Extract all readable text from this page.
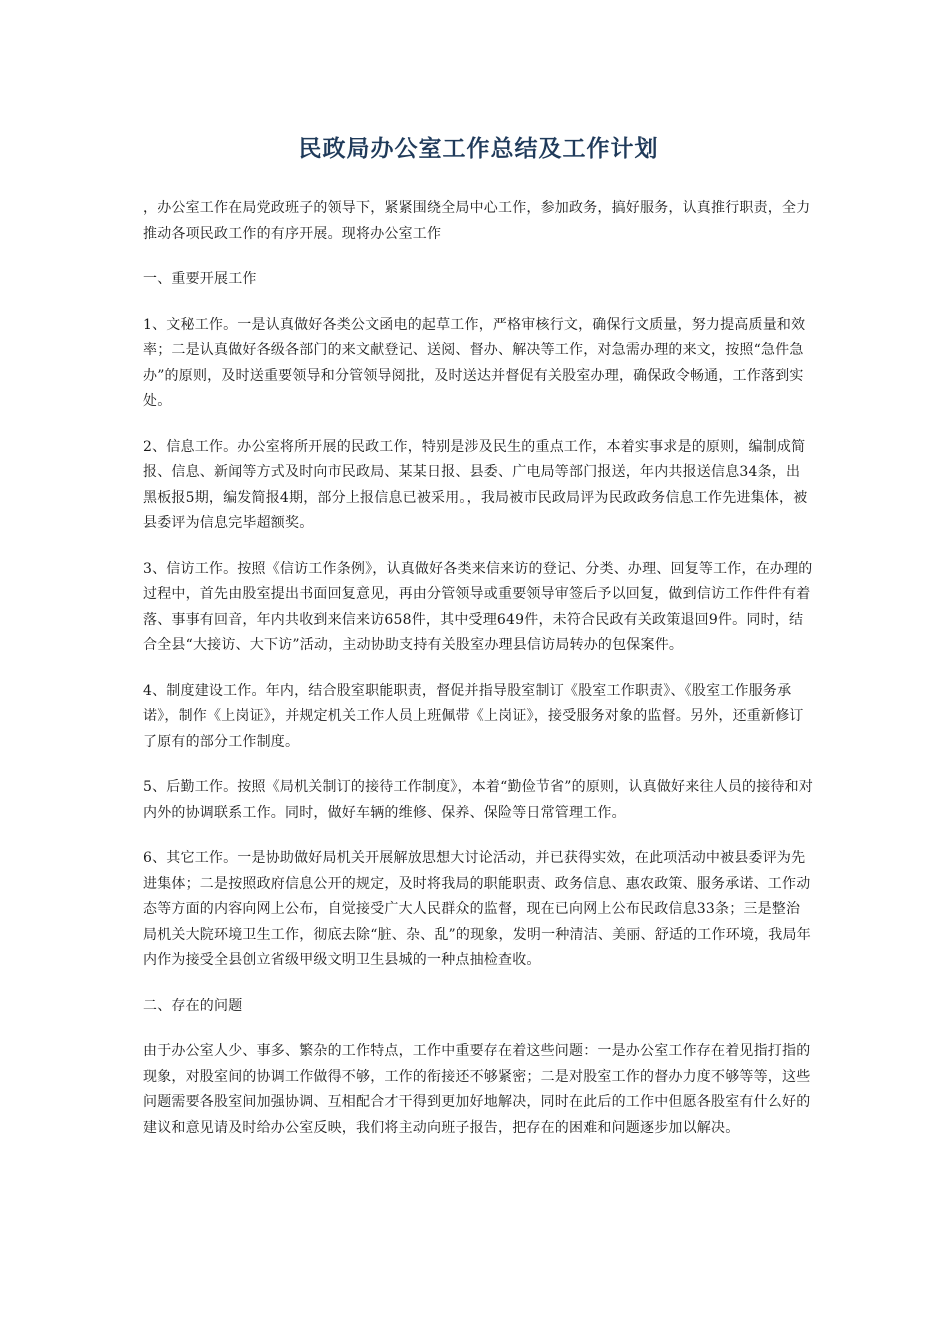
民政局办公室工作总结及工作计划

，办公室工作在局党政班子的领导下，紧紧围绕全局中心工作，参加政务，搞好服务，认真推行职责，全力推动各项民政工作的有序开展。现将办公室工作

一、重要开展工作

1、文秘工作。一是认真做好各类公文函电的起草工作，严格审核行文，确保行文质量，努力提高质量和效率；二是认真做好各级各部门的来文献登记、送阅、督办、解决等工作，对急需办理的来文，按照“急件急办”的原则，及时送重要领导和分管领导阅批，及时送达并督促有关股室办理，确保政令畅通，工作落到实处。

2、信息工作。办公室将所开展的民政工作，特别是涉及民生的重点工作，本着实事求是的原则，编制成简报、信息、新闻等方式及时向市民政局、某某日报、县委、广电局等部门报送，年内共报送信息34条，出黑板报5期，编发简报4期，部分上报信息已被采用。，我局被市民政局评为民政政务信息工作先进集体，被县委评为信息完毕超额奖。

3、信访工作。按照《信访工作条例》，认真做好各类来信来访的登记、分类、办理、回复等工作，在办理的过程中，首先由股室提出书面回复意见，再由分管领导或重要领导审签后予以回复，做到信访工作件件有着落、事事有回音，年内共收到来信来访658件，其中受理649件，未符合民政有关政策退回9件。同时，结合全县“大接访、大下访”活动，主动协助支持有关股室办理县信访局转办的包保案件。

4、制度建设工作。年内，结合股室职能职责，督促并指导股室制订《股室工作职责》、《股室工作服务承诺》，制作《上岗证》，并规定机关工作人员上班佩带《上岗证》，接受服务对象的监督。另外，还重新修订了原有的部分工作制度。

5、后勤工作。按照《局机关制订的接待工作制度》，本着“勤俭节省”的原则，认真做好来往人员的接待和对内外的协调联系工作。同时，做好车辆的维修、保养、保险等日常管理工作。

6、其它工作。一是协助做好局机关开展解放思想大讨论活动，并已获得实效，在此项活动中被县委评为先进集体；二是按照政府信息公开的规定，及时将我局的职能职责、政务信息、惠农政策、服务承诺、工作动态等方面的内容向网上公布，自觉接受广大人民群众的监督，现在已向网上公布民政信息33条；三是整治局机关大院环境卫生工作，彻底去除“脏、杂、乱”的现象，发明一种清洁、美丽、舒适的工作环境，我局年内作为接受全县创立省级甲级文明卫生县城的一种点抽检查收。

二、存在的问题

由于办公室人少、事多、繁杂的工作特点，工作中重要存在着这些问题：一是办公室工作存在着见指打指的现象，对股室间的协调工作做得不够，工作的衔接还不够紧密；二是对股室工作的督办力度不够等等，这些问题需要各股室间加强协调、互相配合才干得到更加好地解决，同时在此后的工作中但愿各股室有什么好的建议和意见请及时给办公室反映，我们将主动向班子报告，把存在的困难和问题逐步加以解决。
